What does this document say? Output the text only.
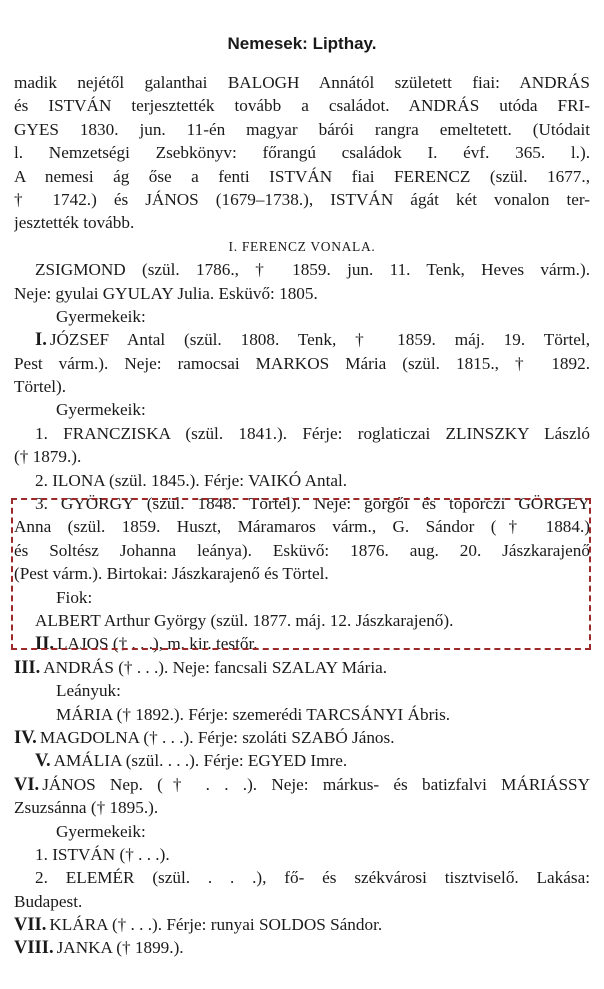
Nemesek: Lipthay.
madik nejétől galanthai BALOGH Annától született fiai: ANDRÁS
és ISTVÁN terjesztették tovább a családot. ANDRÁS utóda FRI-
GYES 1830. jun. 11-én magyar bárói rangra emeltetett. (Utódait
l. Nemzetségi Zsebkönyv: főrangú családok I. évf. 365. l.).
A nemesi ág őse a fenti ISTVÁN fiai FERENCZ (szül. 1677.,
† 1742.) és JÁNOS (1679–1738.), ISTVÁN ágát két vonalon ter-
jesztették tovább.
I. FERENCZ VONALA.
ZSIGMOND (szül. 1786., † 1859. jun. 11. Tenk, Heves várm.).
Neje: gyulai GYULAY Julia. Esküvő: 1805.
Gyermekeik:
I. JÓZSEF Antal (szül. 1808. Tenk, † 1859. máj. 19. Törtel,
Pest várm.). Neje: ramocsai MARKOS Mária (szül. 1815., † 1892.
Törtel).
Gyermekeik:
1. FRANCZISKA (szül. 1841.). Férje: roglaticzai ZLINSZKY László
(† 1879.).
2. ILONA (szül. 1845.). Férje: VAIKÓ Antal.
3. GYÖRGY (szül. 1848. Törtel). Neje: görgői és toporczi GÖRGEY
Anna (szül. 1859. Huszt, Máramaros várm., G. Sándor († 1884.)
és Soltész Johanna leánya). Esküvő: 1876. aug. 20. Jászkarajenő
(Pest várm.). Birtokai: Jászkarajenő és Törtel.
Fiok:
ALBERT Arthur György (szül. 1877. máj. 12. Jászkarajenő).
II. LAJOS († . . .), m. kir. testőr.
III. ANDRÁS († . . .). Neje: fancsali SZALAY Mária.
Leányuk:
MÁRIA († 1892.). Férje: szemerédi TARCSÁNYI Ábris.
IV. MAGDOLNA († . . .). Férje: szoláti SZABÓ János.
V. AMÁLIA (szül. . . .). Férje: EGYED Imre.
VI. JÁNOS Nep. († . . .). Neje: márkus- és batizfalvi MÁRIÁSSY
Zsuzsánna († 1895.).
Gyermekeik:
1. ISTVÁN († . . .).
2. ELEMÉR (szül. . . .), fő- és székvárosi tisztviselő. Lakása:
Budapest.
VII. KLÁRA († . . .). Férje: runyai SOLDOS Sándor.
VIII. JANKA († 1899.).
